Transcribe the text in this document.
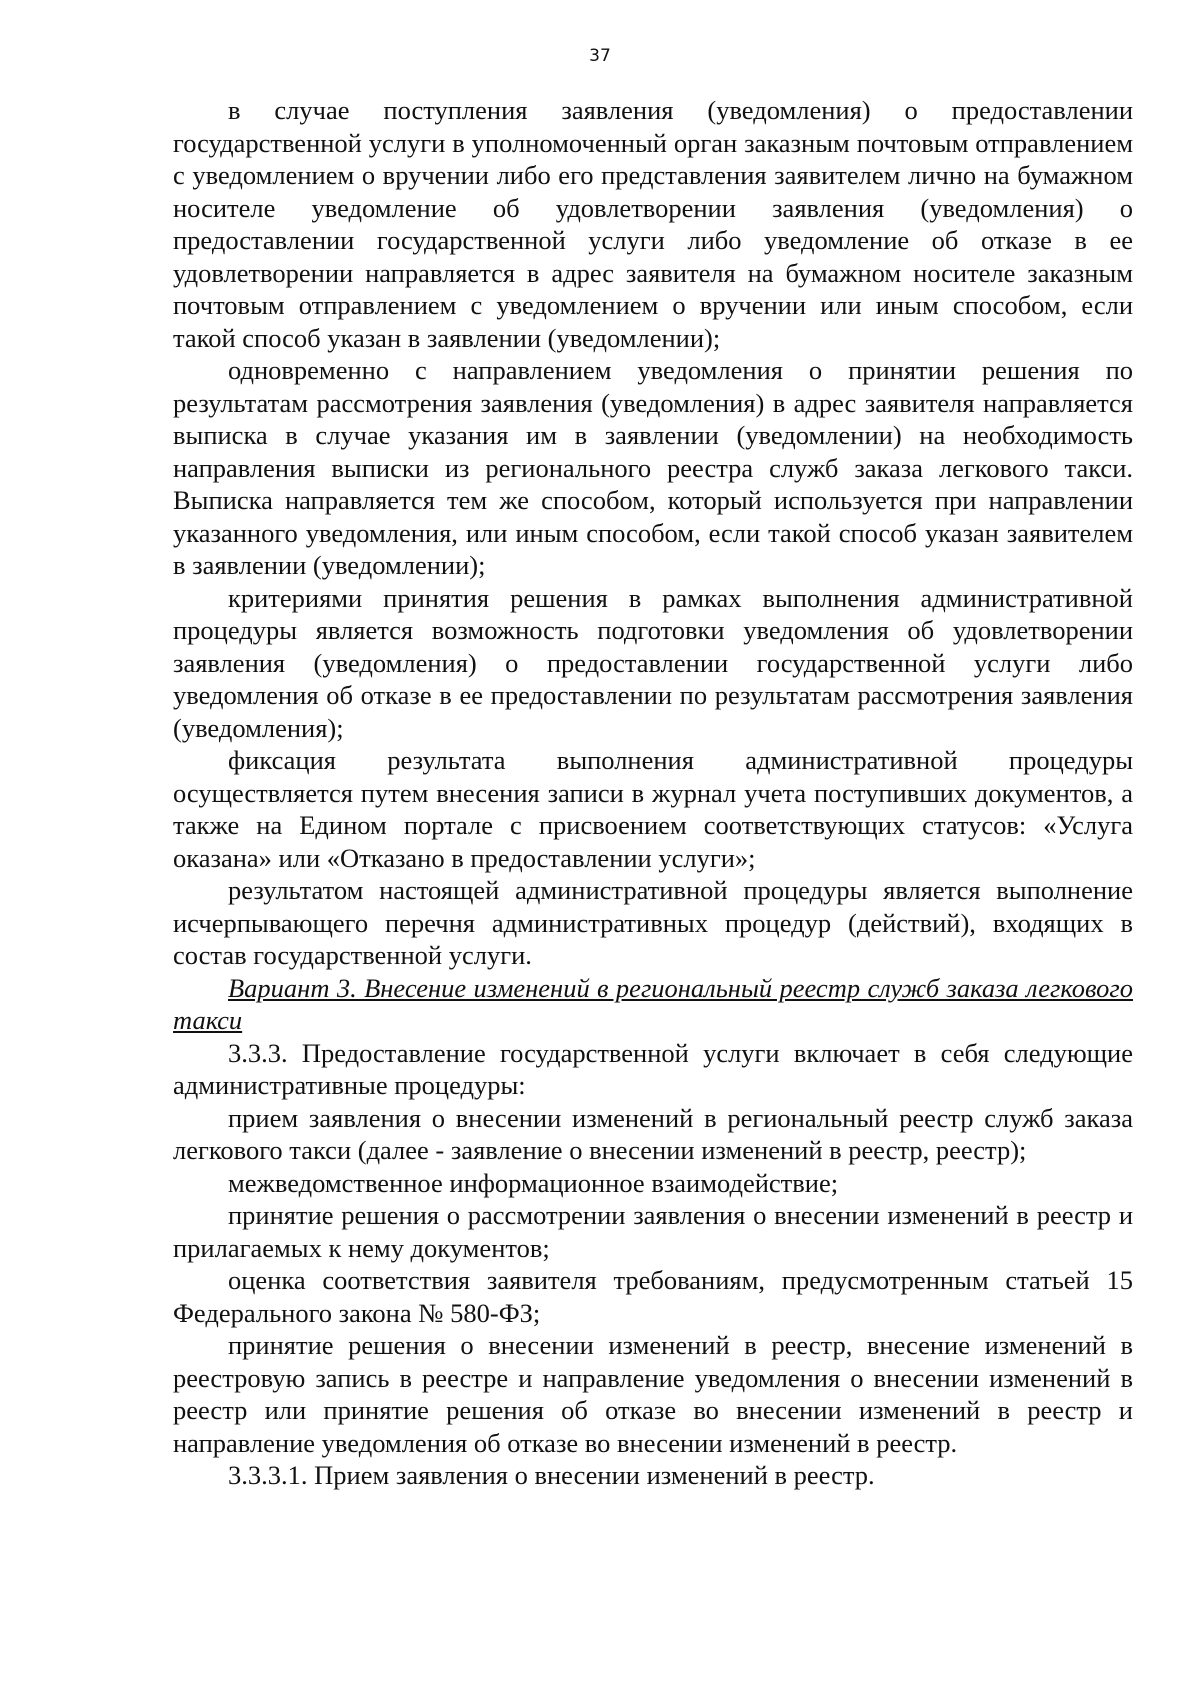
37

в случае поступления заявления (уведомления) о предоставлении государственной услуги в уполномоченный орган заказным почтовым отправлением с уведомлением о вручении либо его представления заявителем лично на бумажном носителе уведомление об удовлетворении заявления (уведомления) о предоставлении государственной услуги либо уведомление об отказе в ее удовлетворении направляется в адрес заявителя на бумажном носителе заказным почтовым отправлением с уведомлением о вручении или иным способом, если такой способ указан в заявлении (уведомлении);

одновременно с направлением уведомления о принятии решения по результатам рассмотрения заявления (уведомления) в адрес заявителя направляется выписка в случае указания им в заявлении (уведомлении) на необходимость направления выписки из регионального реестра служб заказа легкового такси. Выписка направляется тем же способом, который используется при направлении указанного уведомления, или иным способом, если такой способ указан заявителем в заявлении (уведомлении);

критериями принятия решения в рамках выполнения административной процедуры является возможность подготовки уведомления об удовлетворении заявления (уведомления) о предоставлении государственной услуги либо уведомления об отказе в ее предоставлении по результатам рассмотрения заявления (уведомления);

фиксация результата выполнения административной процедуры осуществляется путем внесения записи в журнал учета поступивших документов, а также на Едином портале с присвоением соответствующих статусов: «Услуга оказана» или «Отказано в предоставлении услуги»;

результатом настоящей административной процедуры является выполнение исчерпывающего перечня административных процедур (действий), входящих в состав государственной услуги.

Вариант 3. Внесение изменений в региональный реестр служб заказа легкового такси

3.3.3. Предоставление государственной услуги включает в себя следующие административные процедуры:

прием заявления о внесении изменений в региональный реестр служб заказа легкового такси (далее - заявление о внесении изменений в реестр, реестр);

межведомственное информационное взаимодействие;

принятие решения о рассмотрении заявления о внесении изменений в реестр и прилагаемых к нему документов;

оценка соответствия заявителя требованиям, предусмотренным статьей 15 Федерального закона № 580-ФЗ;

принятие решения о внесении изменений в реестр, внесение изменений в реестровую запись в реестре и направление уведомления о внесении изменений в реестр или принятие решения об отказе во внесении изменений в реестр и направление уведомления об отказе во внесении изменений в реестр.

3.3.3.1. Прием заявления о внесении изменений в реестр.
